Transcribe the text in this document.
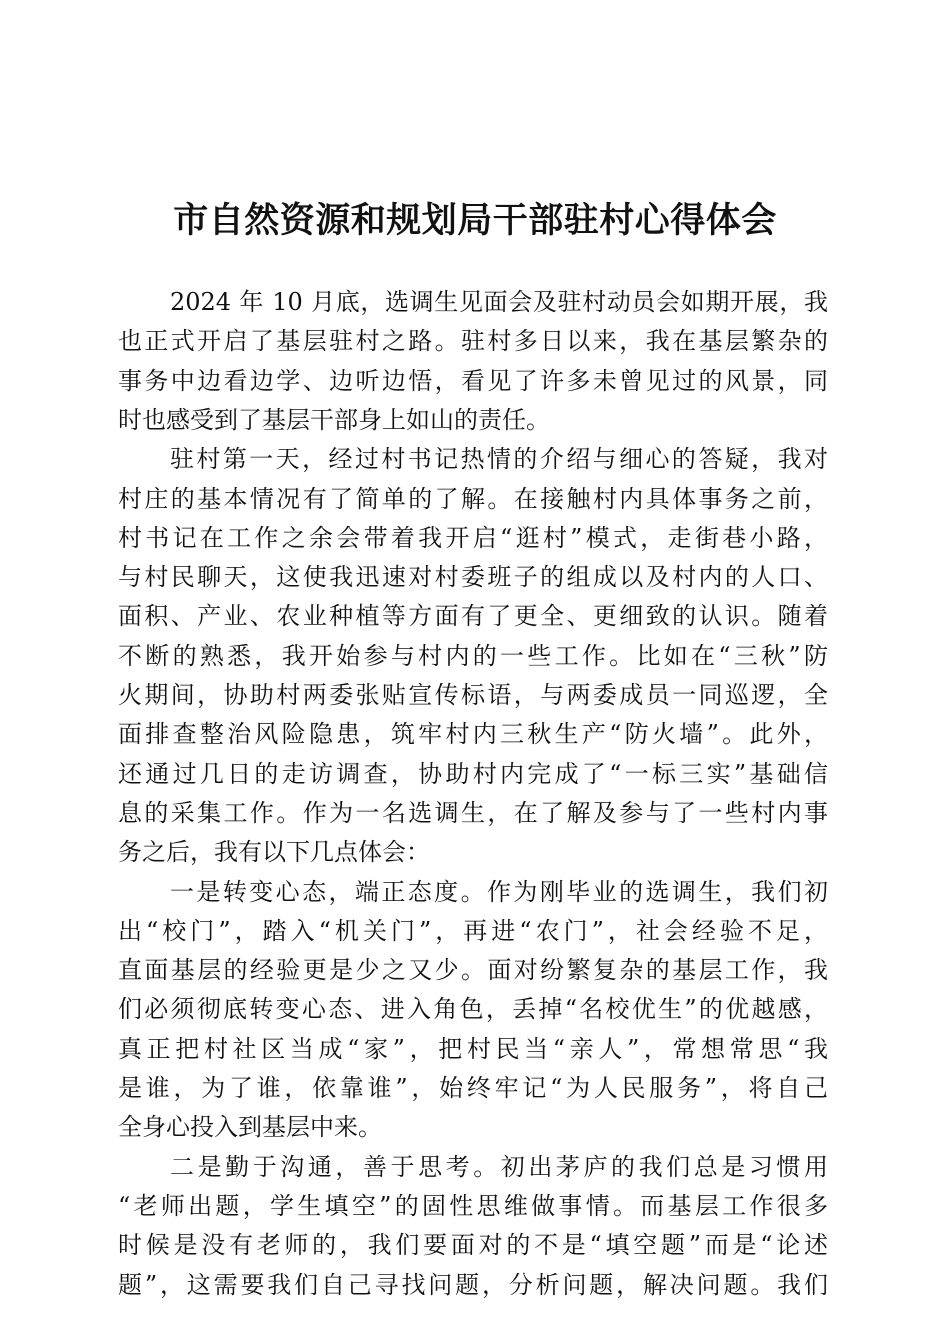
市自然资源和规划局干部驻村心得体会
2024 年 10 月底，选调生见面会及驻村动员会如期开展，我
也正式开启了基层驻村之路。驻村多日以来，我在基层繁杂的
事务中边看边学、边听边悟，看见了许多未曾见过的风景，同
时也感受到了基层干部身上如山的责任。
驻村第一天，经过村书记热情的介绍与细心的答疑，我对
村庄的基本情况有了简单的了解。在接触村内具体事务之前，
村书记在工作之余会带着我开启“逛村”模式，走街巷小路，
与村民聊天，这使我迅速对村委班子的组成以及村内的人口、
面积、产业、农业种植等方面有了更全、更细致的认识。随着
不断的熟悉，我开始参与村内的一些工作。比如在“三秋”防
火期间，协助村两委张贴宣传标语，与两委成员一同巡逻，全
面排查整治风险隐患，筑牢村内三秋生产“防火墙”。此外，
还通过几日的走访调查，协助村内完成了“一标三实”基础信
息的采集工作。作为一名选调生，在了解及参与了一些村内事
务之后，我有以下几点体会：
一是转变心态，端正态度。作为刚毕业的选调生，我们初
出“校门”，踏入“机关门”，再进“农门”，社会经验不足，
直面基层的经验更是少之又少。面对纷繁复杂的基层工作，我
们必须彻底转变心态、进入角色，丢掉“名校优生”的优越感，
真正把村社区当成“家”，把村民当“亲人”，常想常思“我
是谁，为了谁，依靠谁”，始终牢记“为人民服务”，将自己
全身心投入到基层中来。
二是勤于沟通，善于思考。初出茅庐的我们总是习惯用
“老师出题，学生填空”的固性思维做事情。而基层工作很多
时候是没有老师的，我们要面对的不是“填空题”而是“论述
题”，这需要我们自己寻找问题，分析问题，解决问题。我们
